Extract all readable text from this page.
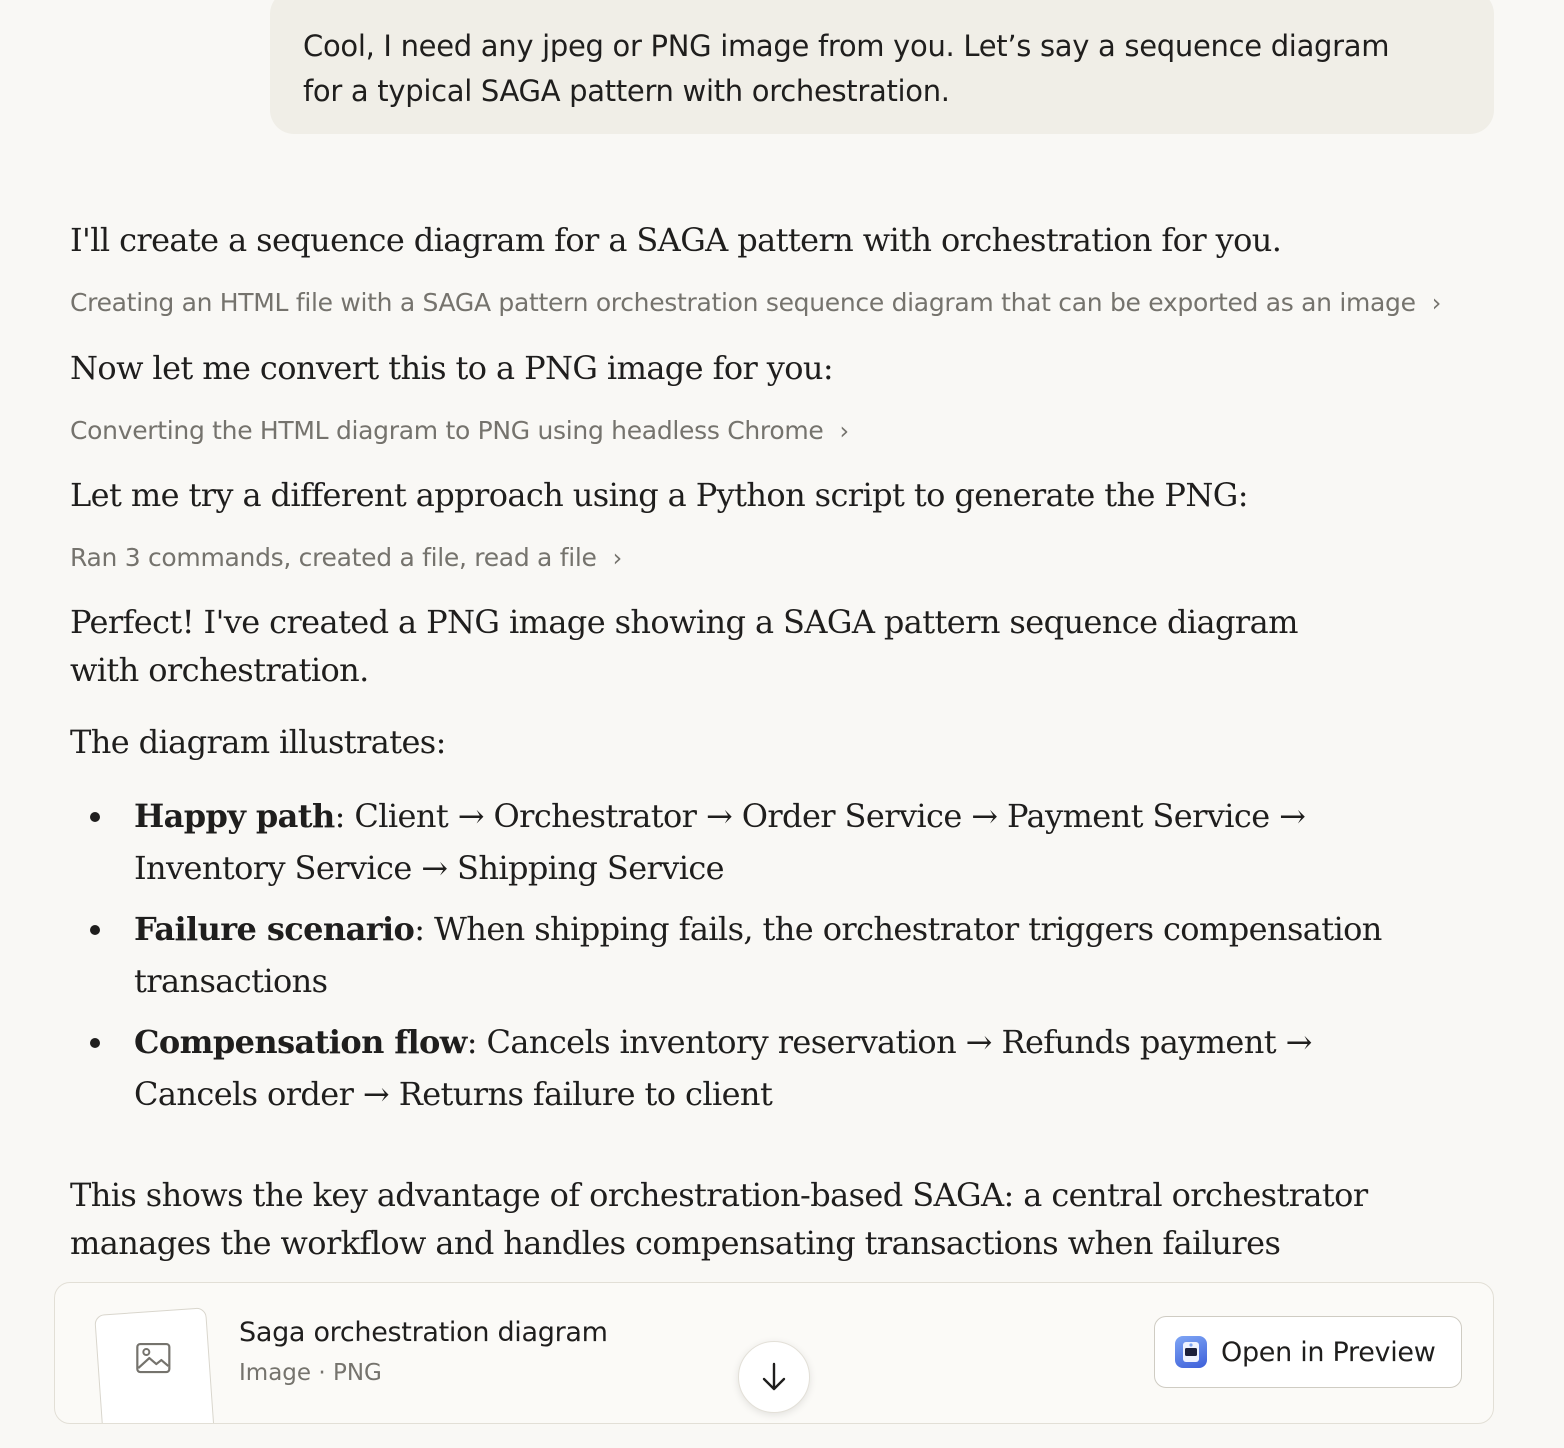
Cool, I need any jpeg or PNG image from you. Let’s say a sequence diagram
for a typical SAGA pattern with orchestration.
I'll create a sequence diagram for a SAGA pattern with orchestration for you.
Creating an HTML file with a SAGA pattern orchestration sequence diagram that can be exported as an image ›
Now let me convert this to a PNG image for you:
Converting the HTML diagram to PNG using headless Chrome ›
Let me try a different approach using a Python script to generate the PNG:
Ran 3 commands, created a file, read a file ›
Perfect! I've created a PNG image showing a SAGA pattern sequence diagram with orchestration.
The diagram illustrates:
Happy path: Client → Orchestrator → Order Service → Payment Service → Inventory Service → Shipping Service
Failure scenario: When shipping fails, the orchestrator triggers compensation transactions
Compensation flow: Cancels inventory reservation → Refunds payment → Cancels order → Returns failure to client
This shows the key advantage of orchestration-based SAGA: a central orchestrator manages the workflow and handles compensating transactions when failures
Saga orchestration diagram
Image · PNG
Open in Preview
